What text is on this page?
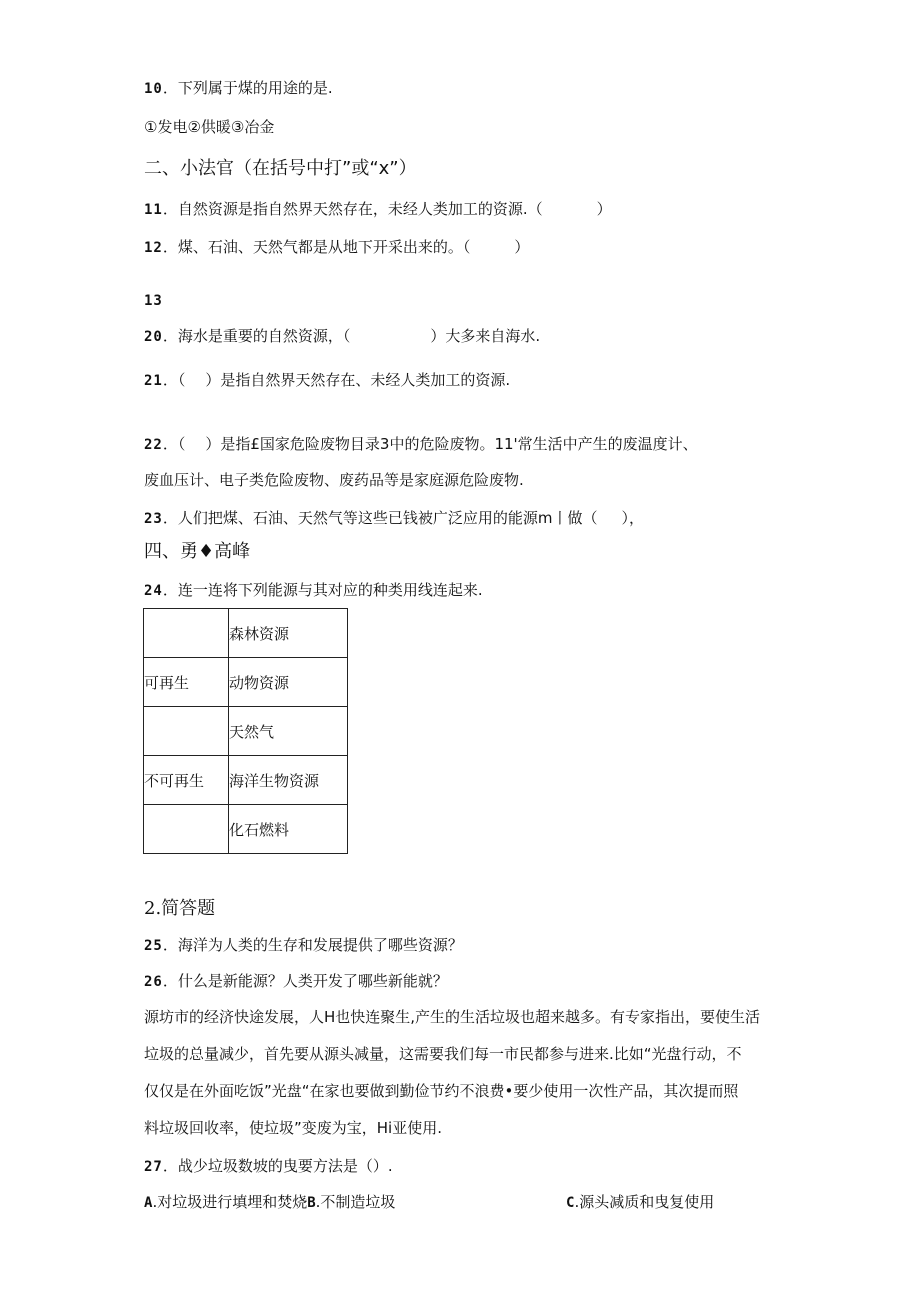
10．下列属于煤的用途的是.
①发电②供暖③冶金
二、小法官（在括号中打”或“x”）
11．自然资源是指自然界天然存在，未经人类加工的资源.（	）
12．煤、石油、天然气都是从地下开采出来的。（	）
13
20．海水是重要的自然资源，（	）大多来自海水.
21．（ ）是指自然界天然存在、未经人类加工的资源.
22．（ ）是指£国家危险废物目录3中的危险废物。11'常生活中产生的废温度计、
废血压计、电子类危险废物、废药品等是家庭源危险废物.
23．人们把煤、石油、天然气等这些已钱被广泛应用的能源m丨做（ ），
四、勇♦高峰
24．连一连将下列能源与其对应的种类用线连起来.
	森林资源
可再生	动物资源
	天然气
不可再生	海洋生物资源
	化石燃料
2.简答题
25．海洋为人类的生存和发展提供了哪些资源？
26．什么是新能源？人类开发了哪些新能就？
源坊市的经济快途发展，人H也快连聚生,产生的生活垃圾也超来越多。有专家指出，要使生活
垃圾的总量减少，首先要从源头减量，这需要我们每一市民都参与进来.比如“光盘行动，不
仅仅是在外面吃饭”光盘“在家也要做到勤俭节约不浪费•要少使用一次性产品，其次提而照
料垃圾回收率，使垃圾”变废为宝，Hi亚使用.
27．战少垃圾数坡的曳要方法是（）.
A.对垃圾进行填埋和焚烧B.不制造垃圾	C.源头减质和曳复使用
